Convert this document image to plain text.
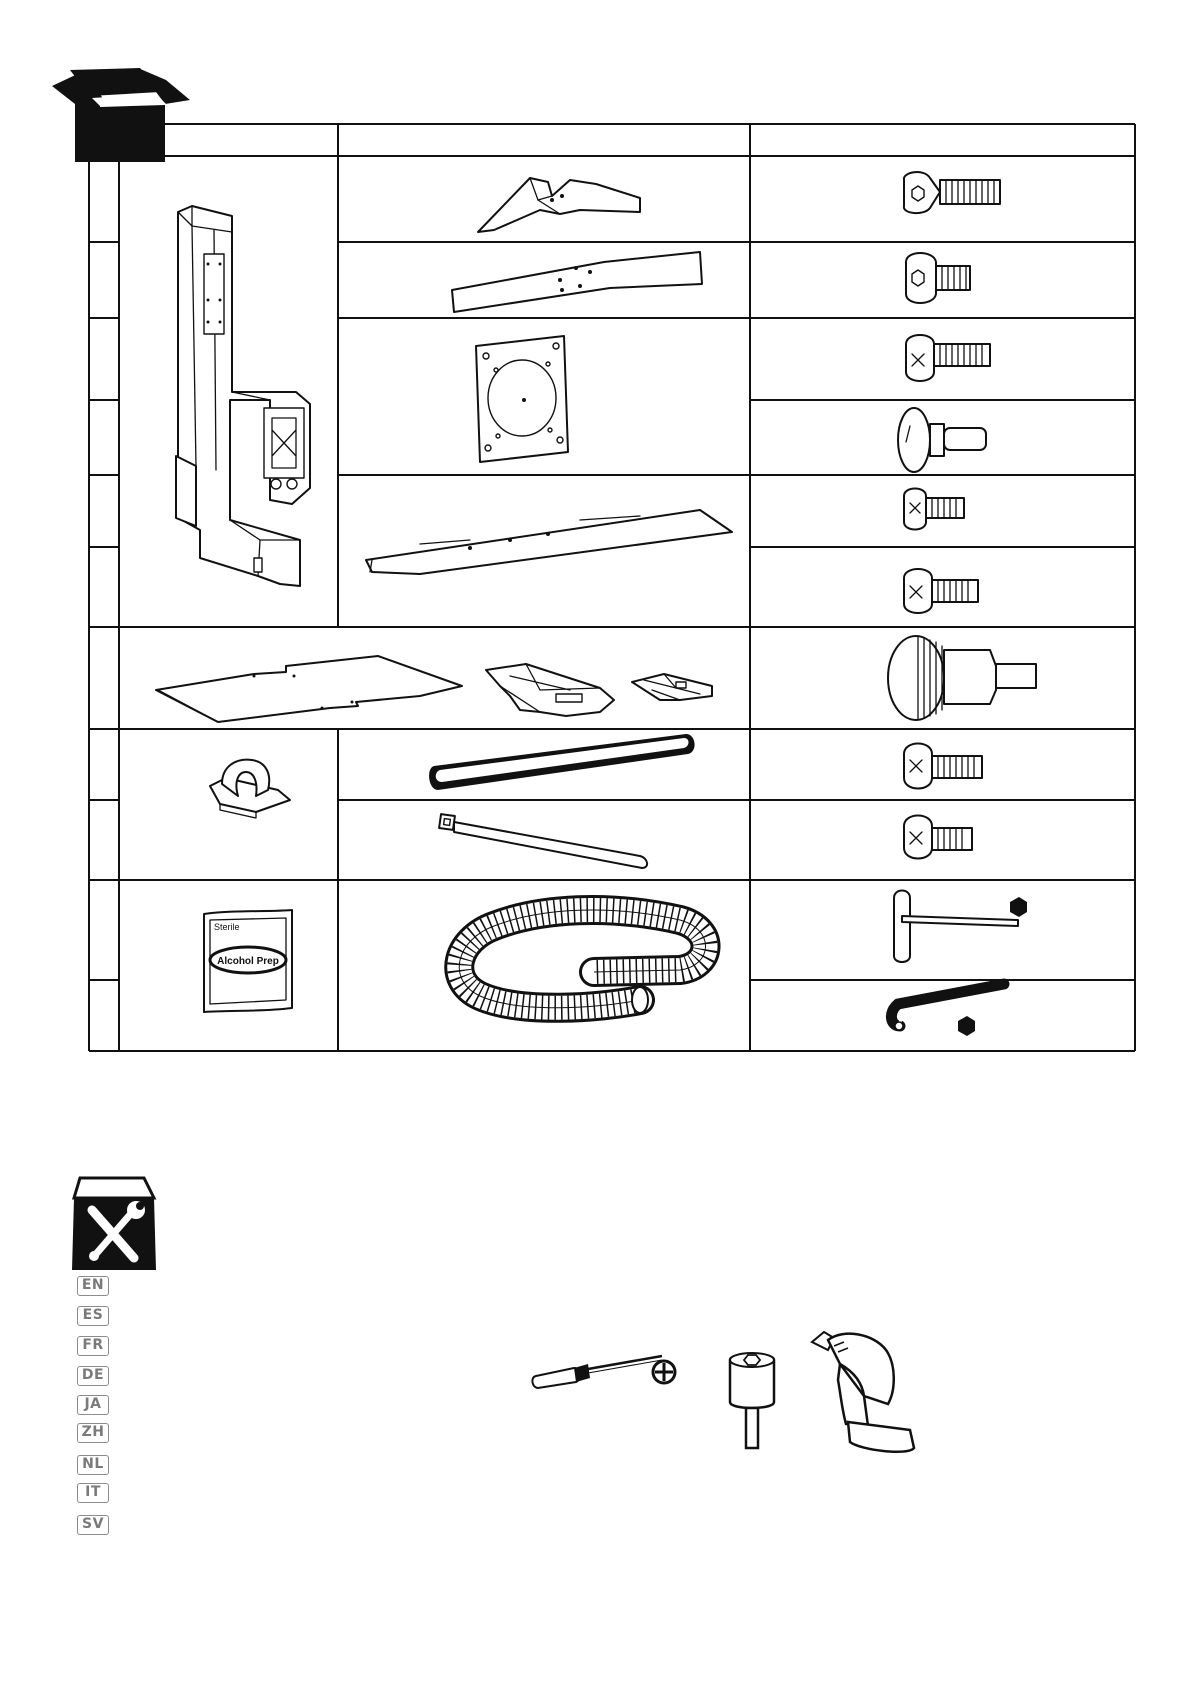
Sterile
Alcohol Prep
EN
ES
FR
DE
JA
ZH
NL
IT
SV
